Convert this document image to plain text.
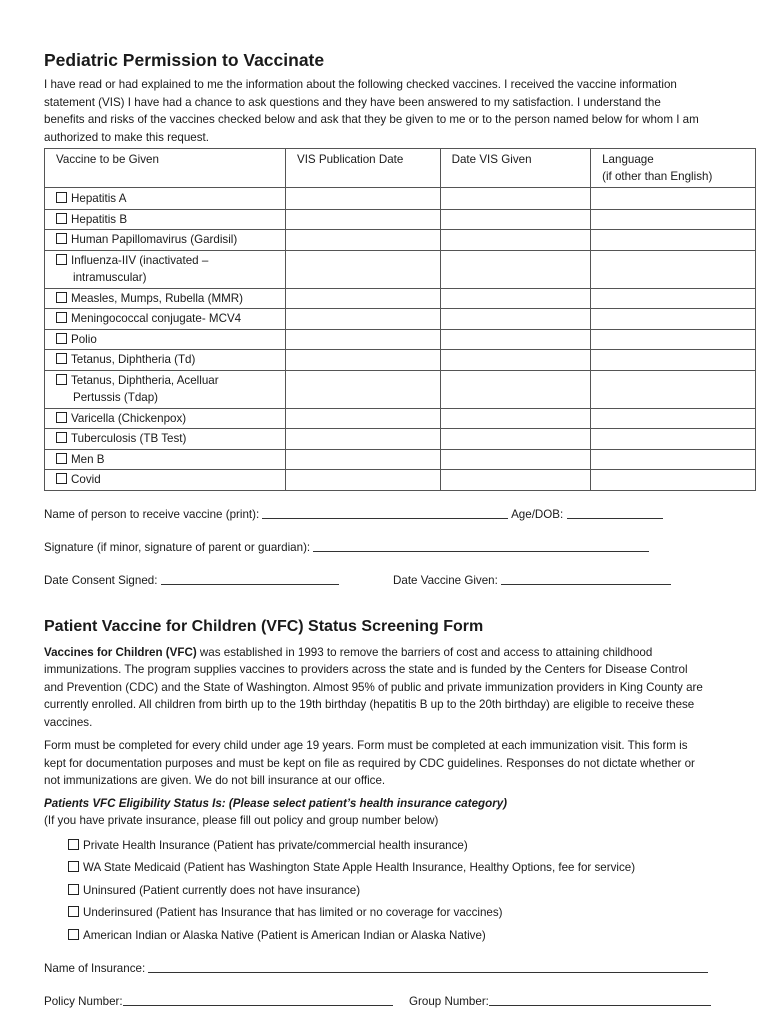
Pediatric Permission to Vaccinate

I have read or had explained to me the information about the following checked vaccines. I received the vaccine information statement (VIS) I have had a chance to ask questions and they have been answered to my satisfaction. I understand the benefits and risks of the vaccines checked below and ask that they be given to me or to the person named below for whom I am authorized to make this request.

Vaccine to be Given	VIS Publication Date	Date VIS Given	Language
(if other than English)

Hepatitis A			

Hepatitis B			

Human Papillomavirus (Gardisil)			

Influenza-IIV (inactivated –
intramuscular)			

Measles, Mumps, Rubella (MMR)			

Meningococcal conjugate- MCV4			

Polio			

Tetanus, Diphtheria (Td)			

Tetanus, Diphtheria, Acelluar
Pertussis (Tdap)			

Varicella (Chickenpox)			

Tuberculosis (TB Test)			

Men B			

Covid			

Name of person to receive vaccine (print):	Age/DOB:
Signature (if minor, signature of parent or guardian):
Date Consent Signed:	Date Vaccine Given:
Patient Vaccine for Children (VFC) Status Screening Form

Vaccines for Children (VFC) was established in 1993 to remove the barriers of cost and access to attaining childhood immunizations. The program supplies vaccines to providers across the state and is funded by the Centers for Disease Control and Prevention (CDC) and the State of Washington. Almost 95% of public and private immunization providers in King County are currently enrolled. All children from birth up to the 19th birthday (hepatitis B up to the 20th birthday) are eligible to receive these vaccines.

Form must be completed for every child under age 19 years. Form must be completed at each immunization visit. This form is kept for documentation purposes and must be kept on file as required by CDC guidelines. Responses do not dictate whether or not immunizations are given. We do not bill insurance at our office.

Patients VFC Eligibility Status Is: (Please select patient’s health insurance category)

(If you have private insurance, please fill out policy and group number below)

Private Health Insurance (Patient has private/commercial health insurance)
WA State Medicaid (Patient has Washington State Apple Health Insurance, Healthy Options, fee for service)
Uninsured (Patient currently does not have insurance)
Underinsured (Patient has Insurance that has limited or no coverage for vaccines)
American Indian or Alaska Native (Patient is American Indian or Alaska Native)
Name of Insurance:
Policy Number:	Group Number:
